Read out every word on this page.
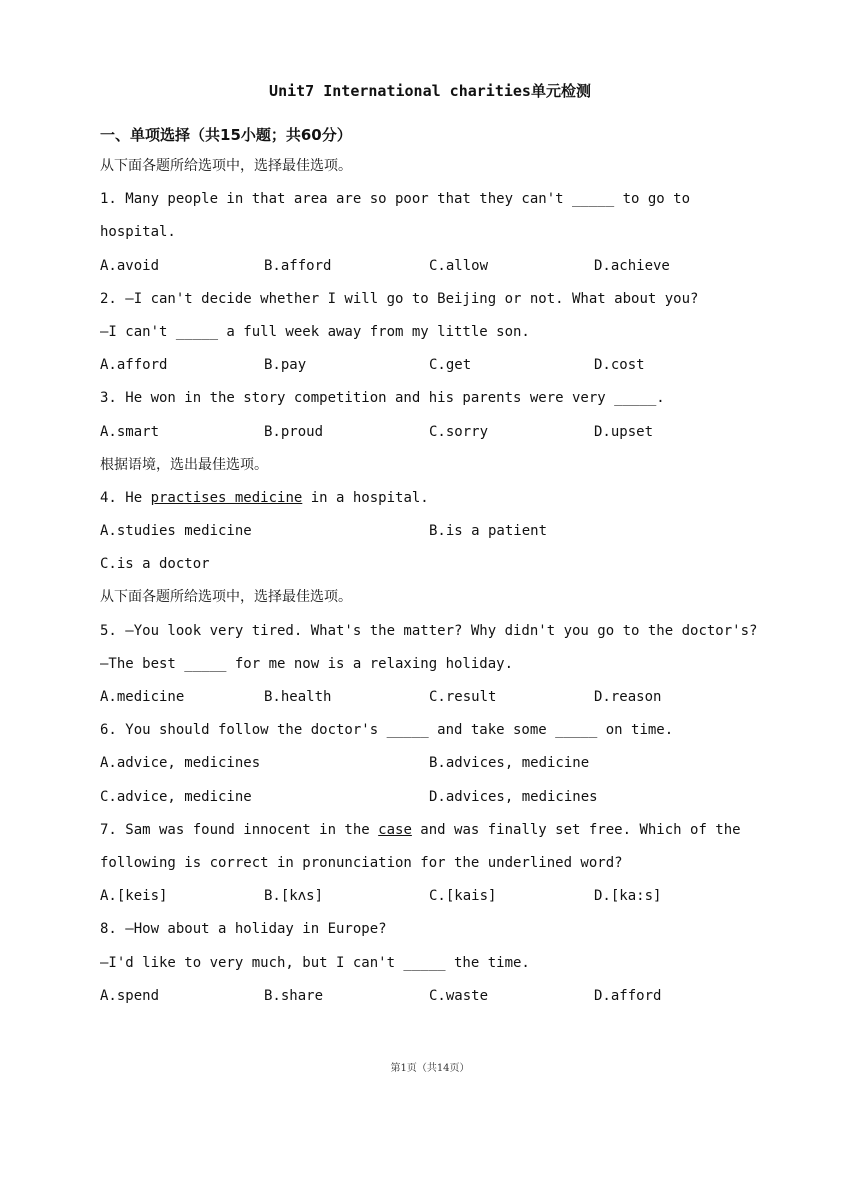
Unit7 International charities单元检测
一、单项选择（共15小题；共60分）
从下面各题所给选项中，选择最佳选项。
1. Many people in that area are so poor that they can't _____ to go to
hospital.

A.avoid

	B.afford

	C.allow

	D.achieve

2. —I can't decide whether I will go to Beijing or not. What about you?
—I can't _____ a full week away from my little son.

A.afford

	B.pay

	C.get

	D.cost

3. He won in the story competition and his parents were very _____.

A.smart

	B.proud

	C.sorry

	D.upset

根据语境，选出最佳选项。
4. He practises medicine in a hospital.

A.studies medicine

	B.is a patient

C.is a doctor

从下面各题所给选项中，选择最佳选项。
5. —You look very tired. What's the matter? Why didn't you go to the doctor's?
—The best _____ for me now is a relaxing holiday.

A.medicine

	B.health

	C.result

	D.reason

6. You should follow the doctor's _____ and take some _____ on time.

A.advice, medicines

	B.advices, medicine

C.advice, medicine

	D.advices, medicines

7. Sam was found innocent in the case and was finally set free. Which of the
following is correct in pronunciation for the underlined word?

A.[keis]

	B.[kʌs]

	C.[kais]

	D.[ka:s]

8. —How about a holiday in Europe?
—I'd like to very much, but I can't _____ the time.

A.spend

	B.share

	C.waste

	D.afford

第1页（共14页）
